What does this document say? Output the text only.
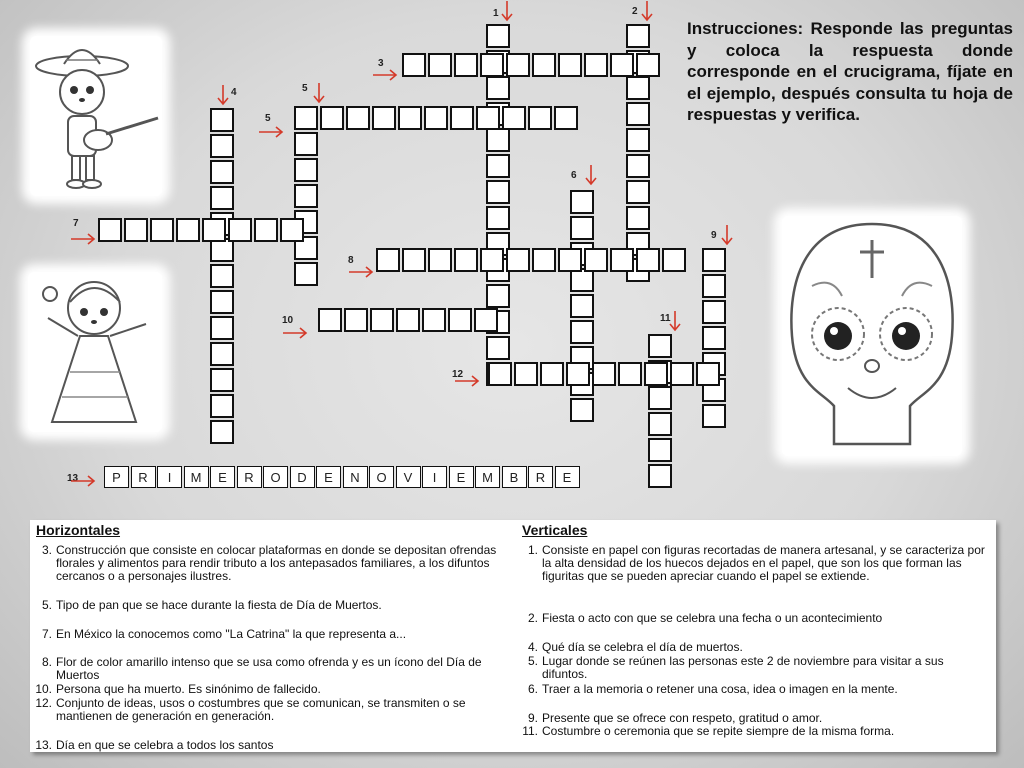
P	R	I	M	E	R	O	D	E	N	O	V	I	E	M	B	R	E
1	2
3
4	5
5
6
7
8
9
10	11
12
13

Instrucciones: Responde las preguntas y coloca la respuesta donde corresponde en el crucigrama, fíjate en el ejemplo, después consulta tu hoja de respuestas y verifica.

Horizontales	Verticales
3. Construcción que consiste en colocar plataformas en donde se depositan ofrendas florales y alimentos para rendir tributo a los antepasados familiares, a los difuntos cercanos o a personajes ilustres.
5. Tipo de pan que se hace durante la fiesta de Día de Muertos.
7. En México la conocemos como "La Catrina" la que representa a...
8. Flor de color amarillo intenso que se usa como ofrenda y es un ícono del Día de Muertos
10. Persona que ha muerto. Es sinónimo de fallecido.
12. Conjunto de ideas, usos o costumbres que se comunican, se transmiten o se mantienen de generación en generación.
13. Día en que se celebra a todos los santos
1. Consiste en papel con figuras recortadas de manera artesanal, y se caracteriza por la alta densidad de los huecos dejados en el papel, que son los que forman las figuritas que se pueden apreciar cuando el papel se extiende.
2. Fiesta o acto con que se celebra una fecha o un acontecimiento
4. Qué día se celebra el día de muertos.
5. Lugar donde se reúnen las personas este 2 de noviembre para visitar a sus difuntos.
6. Traer a la memoria o retener una cosa, idea o imagen en la mente.
9. Presente que se ofrece con respeto, gratitud o amor.
11. Costumbre o ceremonia que se repite siempre de la misma forma.
